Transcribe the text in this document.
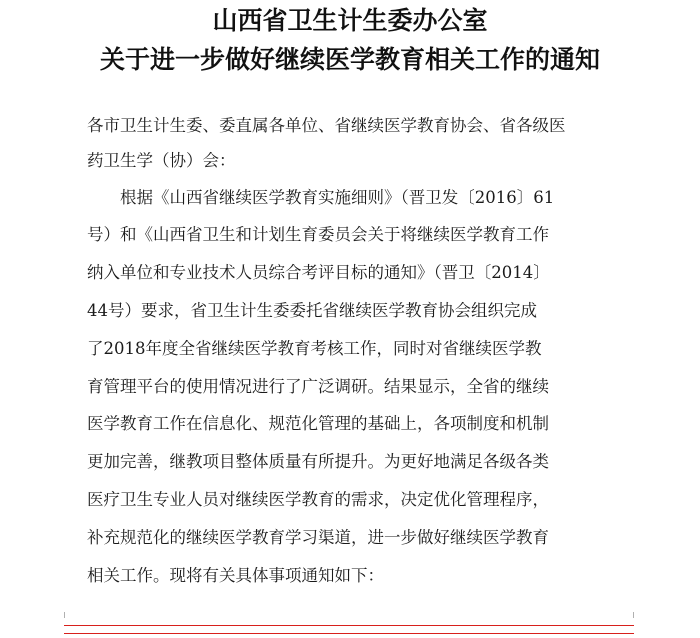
山西省卫生计生委办公室
关于进一步做好继续医学教育相关工作的通知
各市卫生计生委、委直属各单位、省继续医学教育协会、省各级医
药卫生学（协）会：
根据《山西省继续医学教育实施细则》（晋卫发〔2016〕61
号）和《山西省卫生和计划生育委员会关于将继续医学教育工作
纳入单位和专业技术人员综合考评目标的通知》（晋卫〔2014〕
44号）要求，省卫生计生委委托省继续医学教育协会组织完成
了2018年度全省继续医学教育考核工作，同时对省继续医学教
育管理平台的使用情况进行了广泛调研。结果显示，全省的继续
医学教育工作在信息化、规范化管理的基础上，各项制度和机制
更加完善，继教项目整体质量有所提升。为更好地满足各级各类
医疗卫生专业人员对继续医学教育的需求，决定优化管理程序，
补充规范化的继续医学教育学习渠道，进一步做好继续医学教育
相关工作。现将有关具体事项通知如下：
